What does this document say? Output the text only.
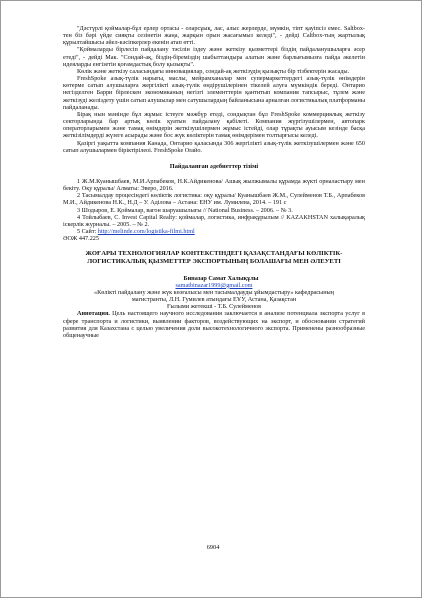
"Дәстүрлі қоймалар-бұл ерлер ортасы - оларсұық, лас, алыс жерлерде, мүмкін, тіпт қауіпсіз емес. Saltbox-тен біз бәрі үйде сияқты сезінетін жаңа, жарқын орын жасағымыз келеді", - дейді Саltbox-тың жартылық құрылтайшысы әйел-кәсіпкерлер екенін атап өтті.

"Қоймаларды бірлесіп пайдалану тәсілін іздеу және жеткізу қызметтері біздің пайдаланушыларға әсер етеді", - дейді Мак. "Сондай-ақ, біздің-біреміздің шабыттандыра алатын және барлығымызға пайда әкелетін идеяларды енгізетін қоғамдастық болу қызықты".

Көлік және жеткізу саласындағы инновациялар, сондай-ақ жеткізудің қызықты бір тізбектерін жасады.

FreshSpoke азық-түлік нарығы, маслы, мейрамханалар мен супермаркеттердегі азық-түлік өнімдерін көтерме сатып алушыларға жергілікті азық-түлік өндірушілерінен тікелей алуға мүмкіндік береді. Онтарио негізделген Барри бірлескен экономиканың негізгі элементтерін қантитып компания тапсырыс, тұлем және жеткізуді желіздету үшін сатып алушылар мен сатушылардың байланысына арналған логистикалық платформаны пайдаланады.

Бірақ нын мәнінде бұл жұмыс істеуге мәжбүр етеді, сондықтан бұл FreshSpoke коммерциялық жеткізу секторларында бар артық көлік қуатын пайдалану қабілеті. Компания жүргізушілермен, автопарк операторларымен және тамақ өнімдерін жеткізушілермен жұмыс істейді, олар тұрақты ауысым кезінде басқа жеткізілімдерді жүзеге асырады және бос жүк көліктерін тамақ өнімдерімен толтырғысы келеді.

Қазіргі уақытта компания Канада, Онтарио қаласында 306 жергілікті азық-түлік жеткізушілермен және 650 сатып алушылармен біріктірілеоі. FreshSpoke Oraйo.

Пайдаланған әдебиеттер тізімі

1 Ж.М.Куанышбаев, М.И.Арпабеков, Н.К.Айдикенова/ Ашық жылжымалы құрамда жүкті орналастыру мен бекіту. Оқу құралы/ Алматы: Эверо, 2016.

2 Тасымалдау процесіндегі көліктік логистика: оқу құралы/ Куанышбаев Ж.М., Сулейменов Т.Б., Арпабеков М.И., Айдикенова Н.К., Н.Д – У. Аділова – Астана: ЕНУ им. Лумилева, 2014. – 191 с

3 Шодыров, Е. Қоймалар, вагон шаруашылығы // National Business. – 2006. – № 3.

4 Тойлыбаев, С. Invest Capital Realty: қоймалар, логистика, инфрақұрылым // KAZAKHSTAN халықаралық іскерлік журналы. – 2005. – № 2.

5 Сайт: http://melinde.com/logistika-filmi.html

ӘОЖ 447.225

ЖОҒАРЫ ТЕХНОЛОГИЯЛАР КОНТЕКСТІНДЕГІ ҚАЗАҚСТАНДАҒЫ КӨЛІКТІК-ЛОГИСТИКАЛЫҚ ҚЫЗМЕТТЕР ЭКСПОРТЫНЫҢ БОЛАШАҒЫ МЕН ӘЛЕУЕТІ

Биназар Самат Халықұлы

samatbinazar1999@gmail.com

«Көлікті пайдалану және жүк көзғалысы мен тасымалдауды ұйымдастыру» кафедрасының

магистранты, Л.Н. Гумилев атындағы ЕҰУ, Астана, Қазақстан

Ғылыми жетекші - Т.Б. Сулейменов

Аннотация. Цель настоящего научного исследования заключается в анализе потенциала экспорта услуг в сфере транспорта и логистики, выявлении факторов, воздействующих на экспорт, и обосновании стратегий развития для Казахстана с целью увеличения доли высокотехнологичного экспорта. Применены разнообразные общенаучные

6904
